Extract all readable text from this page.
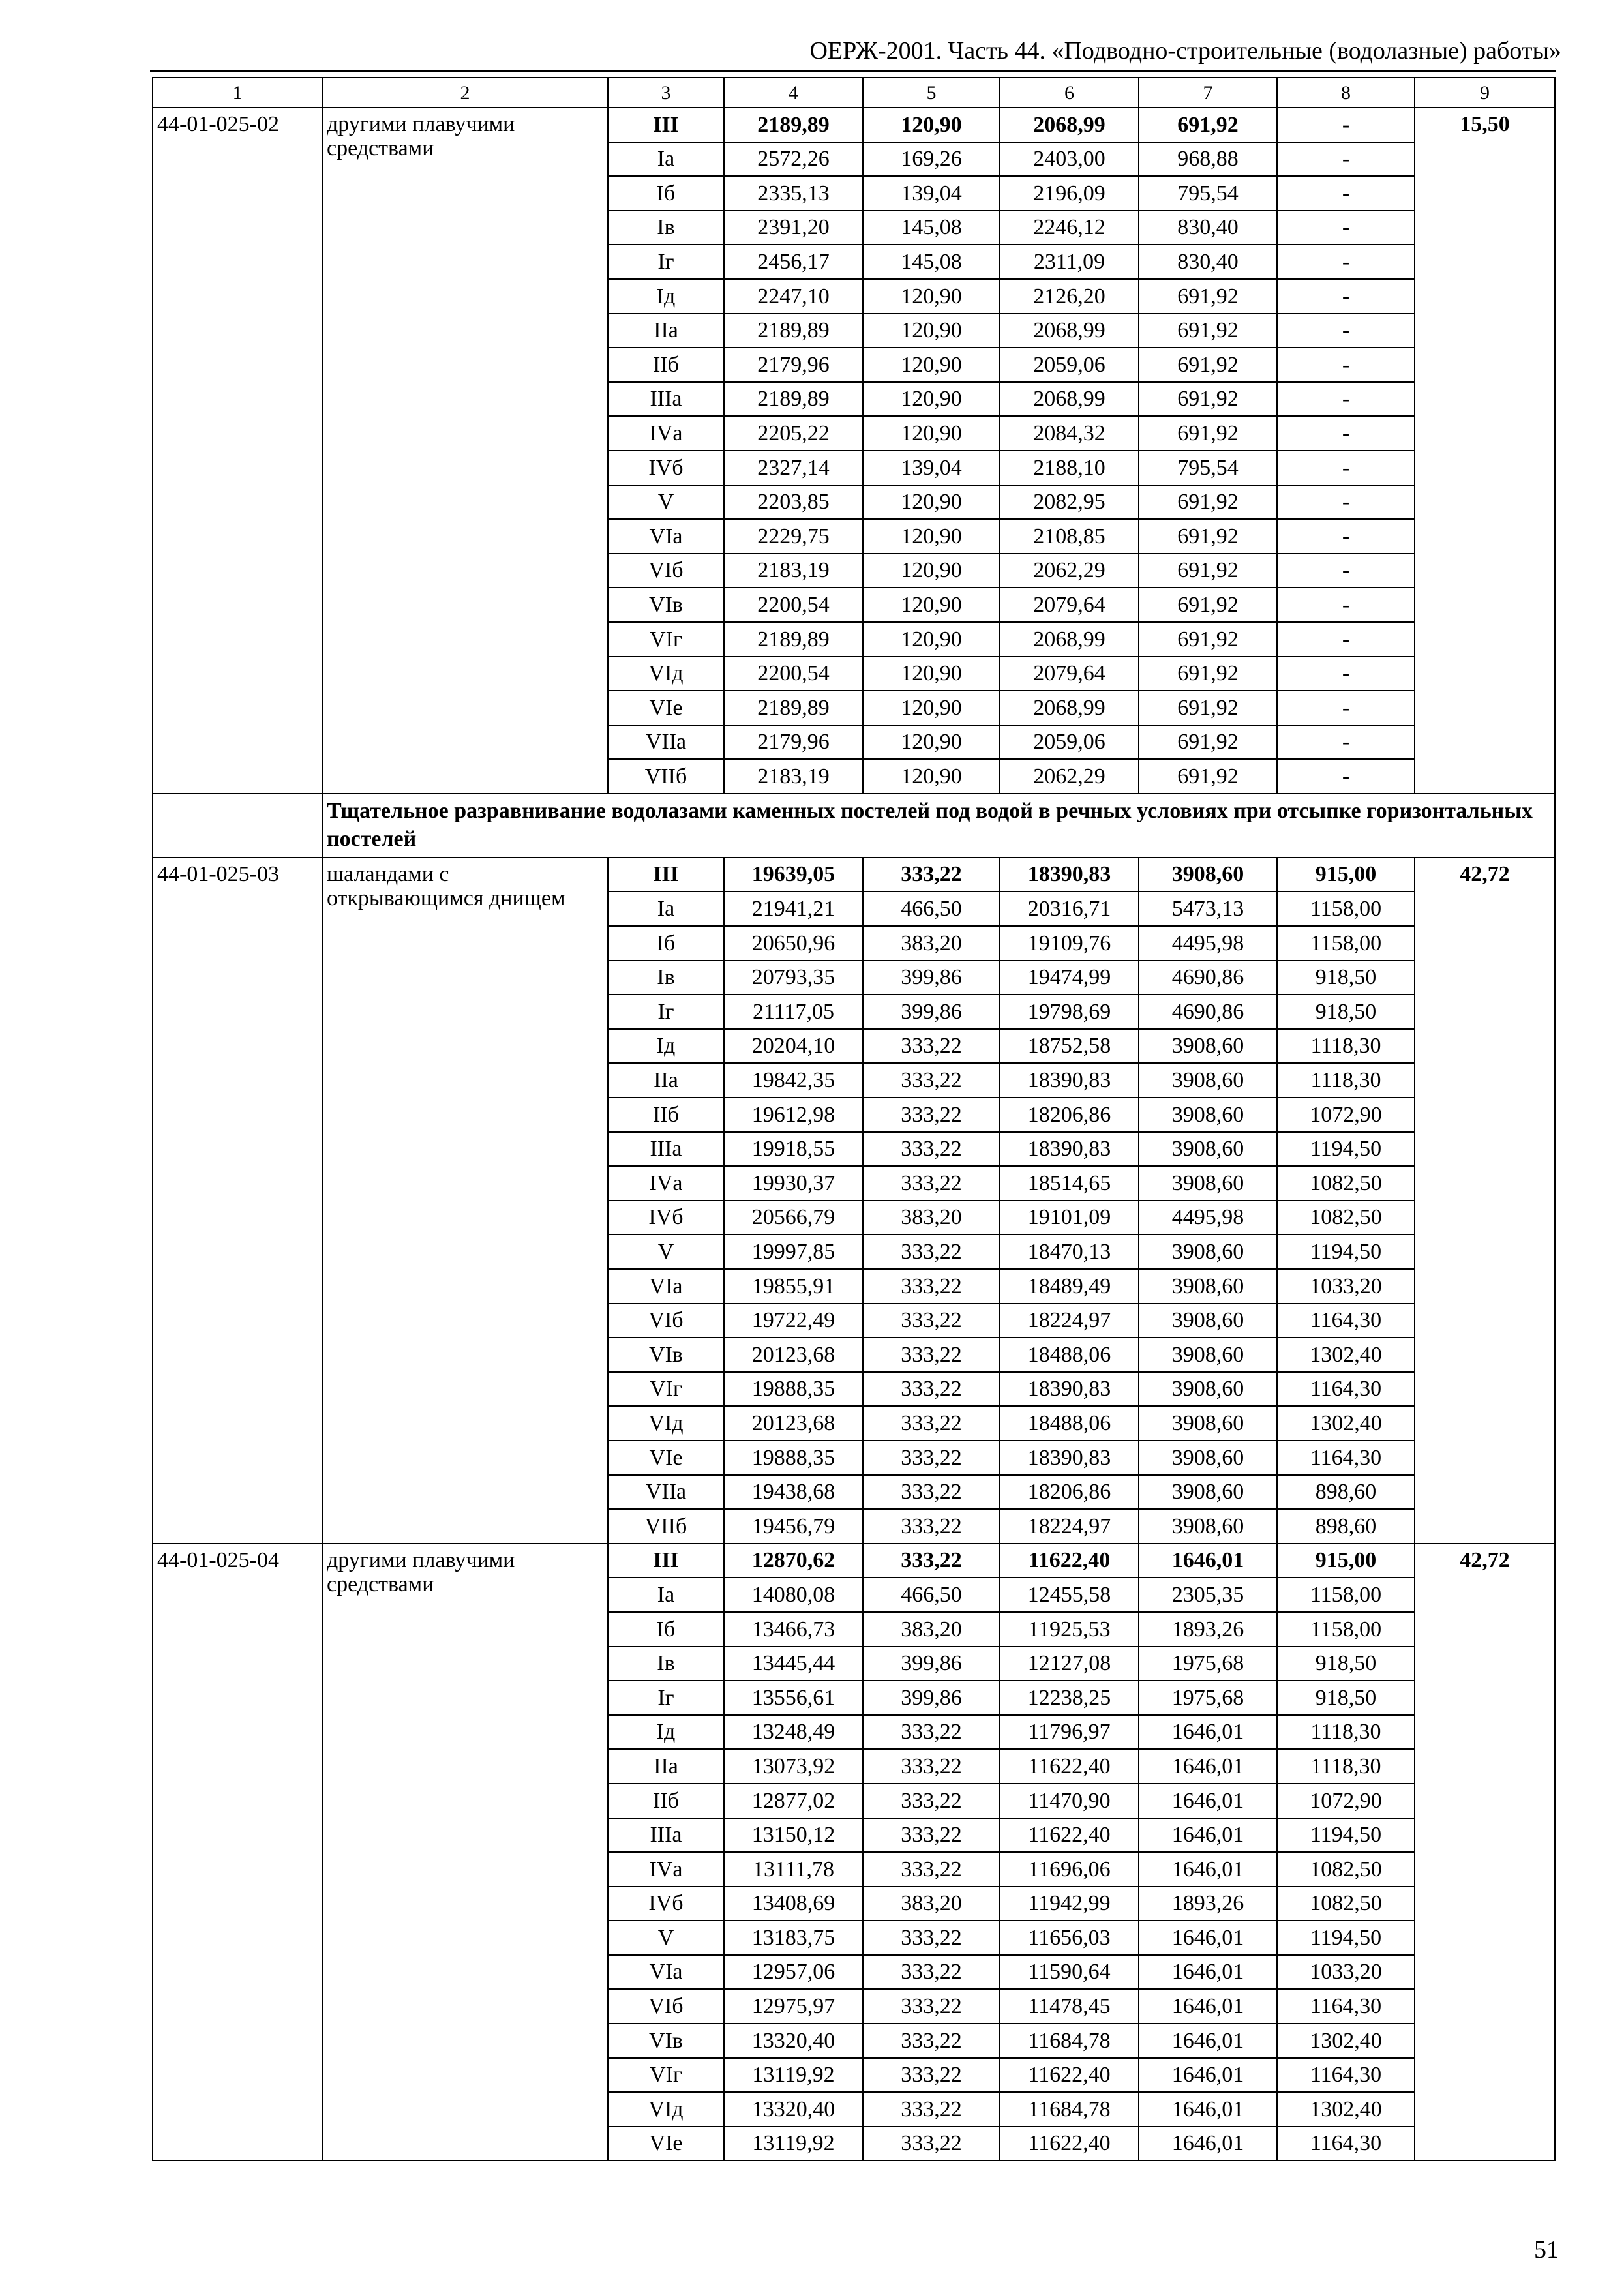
ОЕРЖ-2001. Часть 44. «Подводно-строительные (водолазные) работы»
1	2	3	4	5	6	7	8	9
44-01-025-02	другими плавучими средствами	III	2189,89	120,90	2068,99	691,92	-	15,50
		Iа	2572,26	169,26	2403,00	968,88	-	
		Iб	2335,13	139,04	2196,09	795,54	-	
		Iв	2391,20	145,08	2246,12	830,40	-	
		Iг	2456,17	145,08	2311,09	830,40	-	
		Iд	2247,10	120,90	2126,20	691,92	-	
		IIа	2189,89	120,90	2068,99	691,92	-	
		IIб	2179,96	120,90	2059,06	691,92	-	
		IIIа	2189,89	120,90	2068,99	691,92	-	
		IVа	2205,22	120,90	2084,32	691,92	-	
		IVб	2327,14	139,04	2188,10	795,54	-	
		V	2203,85	120,90	2082,95	691,92	-	
		VIа	2229,75	120,90	2108,85	691,92	-	
		VIб	2183,19	120,90	2062,29	691,92	-	
		VIв	2200,54	120,90	2079,64	691,92	-	
		VIг	2189,89	120,90	2068,99	691,92	-	
		VIд	2200,54	120,90	2079,64	691,92	-	
		VIе	2189,89	120,90	2068,99	691,92	-	
		VIIа	2179,96	120,90	2059,06	691,92	-	
		VIIб	2183,19	120,90	2062,29	691,92	-	
	Тщательное разравнивание водолазами каменных постелей под водой в речных условиях при отсыпке горизонтальных постелей							
44-01-025-03	шаландами с открывающимся днищем	III	19639,05	333,22	18390,83	3908,60	915,00	42,72
		Iа	21941,21	466,50	20316,71	5473,13	1158,00	
		Iб	20650,96	383,20	19109,76	4495,98	1158,00	
		Iв	20793,35	399,86	19474,99	4690,86	918,50	
		Iг	21117,05	399,86	19798,69	4690,86	918,50	
		Iд	20204,10	333,22	18752,58	3908,60	1118,30	
		IIа	19842,35	333,22	18390,83	3908,60	1118,30	
		IIб	19612,98	333,22	18206,86	3908,60	1072,90	
		IIIа	19918,55	333,22	18390,83	3908,60	1194,50	
		IVа	19930,37	333,22	18514,65	3908,60	1082,50	
		IVб	20566,79	383,20	19101,09	4495,98	1082,50	
		V	19997,85	333,22	18470,13	3908,60	1194,50	
		VIа	19855,91	333,22	18489,49	3908,60	1033,20	
		VIб	19722,49	333,22	18224,97	3908,60	1164,30	
		VIв	20123,68	333,22	18488,06	3908,60	1302,40	
		VIг	19888,35	333,22	18390,83	3908,60	1164,30	
		VIд	20123,68	333,22	18488,06	3908,60	1302,40	
		VIе	19888,35	333,22	18390,83	3908,60	1164,30	
		VIIа	19438,68	333,22	18206,86	3908,60	898,60	
		VIIб	19456,79	333,22	18224,97	3908,60	898,60	
44-01-025-04	другими плавучими средствами	III	12870,62	333,22	11622,40	1646,01	915,00	42,72
		Iа	14080,08	466,50	12455,58	2305,35	1158,00	
		Iб	13466,73	383,20	11925,53	1893,26	1158,00	
		Iв	13445,44	399,86	12127,08	1975,68	918,50	
		Iг	13556,61	399,86	12238,25	1975,68	918,50	
		Iд	13248,49	333,22	11796,97	1646,01	1118,30	
		IIа	13073,92	333,22	11622,40	1646,01	1118,30	
		IIб	12877,02	333,22	11470,90	1646,01	1072,90	
		IIIа	13150,12	333,22	11622,40	1646,01	1194,50	
		IVа	13111,78	333,22	11696,06	1646,01	1082,50	
		IVб	13408,69	383,20	11942,99	1893,26	1082,50	
		V	13183,75	333,22	11656,03	1646,01	1194,50	
		VIа	12957,06	333,22	11590,64	1646,01	1033,20	
		VIб	12975,97	333,22	11478,45	1646,01	1164,30	
		VIв	13320,40	333,22	11684,78	1646,01	1302,40	
		VIг	13119,92	333,22	11622,40	1646,01	1164,30	
		VIд	13320,40	333,22	11684,78	1646,01	1302,40	
		VIе	13119,92	333,22	11622,40	1646,01	1164,30	
51
